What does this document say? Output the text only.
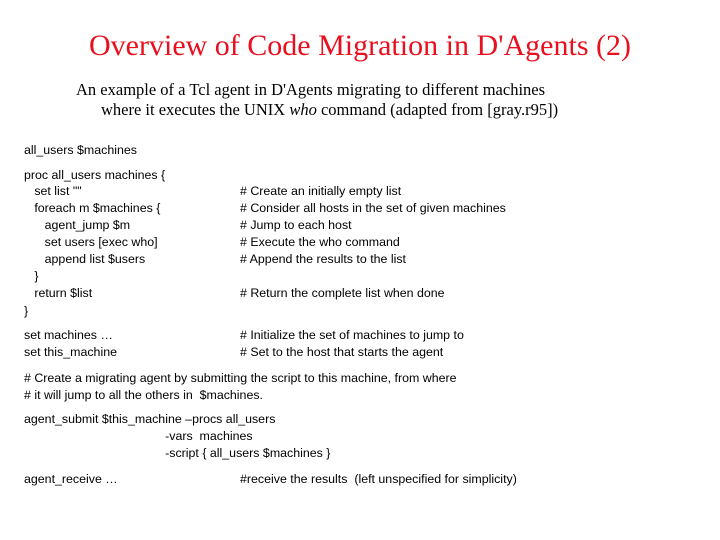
Overview of Code Migration in D'Agents (2)
An example of a Tcl agent in D'Agents migrating to different machines
where it executes the UNIX who command (adapted from [gray.r95])
all_users $machines
proc all_users machines {
set list ""	# Create an initially empty list
foreach m $machines {	# Consider all hosts in the set of given machines
agent_jump $m	# Jump to each host
set users [exec who]	# Execute the who command
append list $users	# Append the results to the list
}
return $list	# Return the complete list when done
}
set machines …	# Initialize the set of machines to jump to
set this_machine	# Set to the host that starts the agent
# Create a migrating agent by submitting the script to this machine, from where
# it will jump to all the others in  $machines.
agent_submit $this_machine –procs all_users
-vars  machines
-script { all_users $machines }
agent_receive …	#receive the results  (left unspecified for simplicity)
